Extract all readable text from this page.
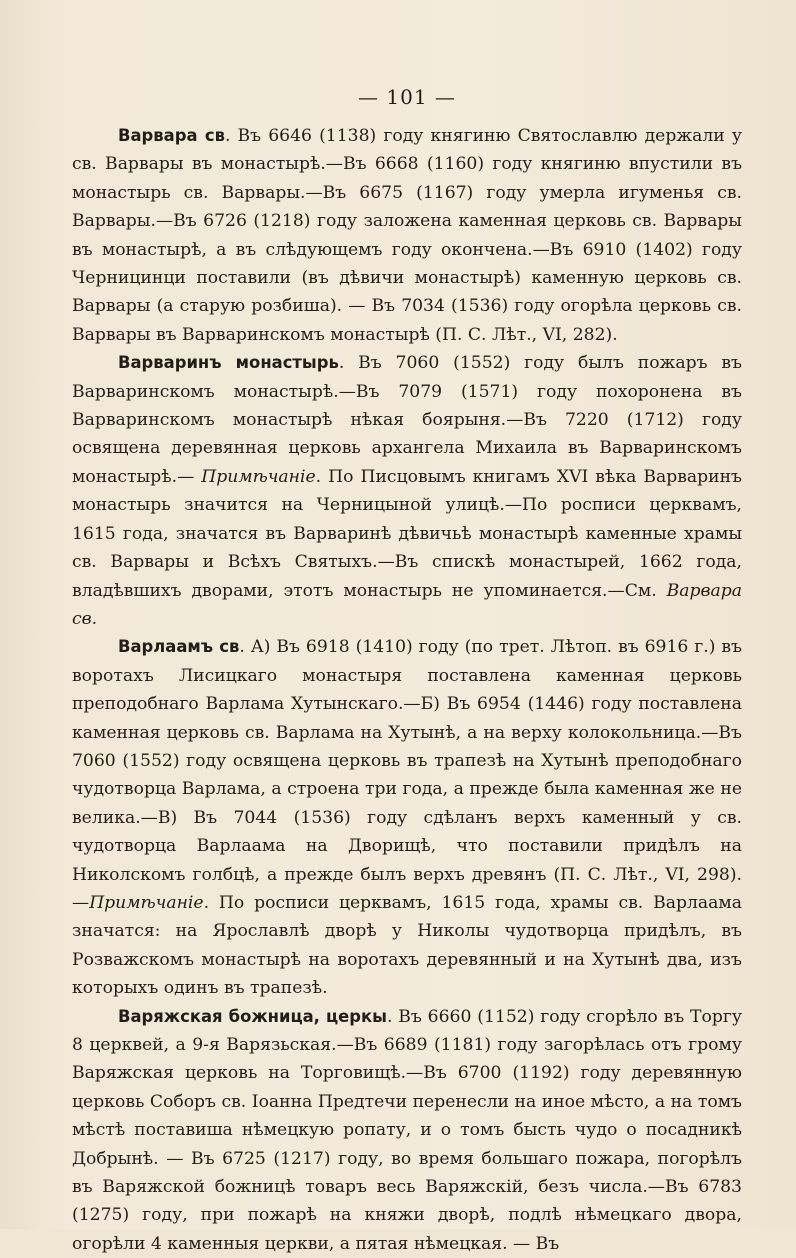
— 101 —

Варвара св. Въ 6646 (1138) году княгиню Святославлю держали у св. Варвары въ монастырѣ.—Въ 6668 (1160) году княгиню впустили въ монастырь св. Варвары.—Въ 6675 (1167) году умерла игуменья св. Варвары.—Въ 6726 (1218) году заложена каменная церковь св. Варвары въ монастырѣ, а въ слѣдующемъ году окончена.—Въ 6910 (1402) году Черницинци поставили (въ дѣвичи монастырѣ) каменную церковь св. Варвары (а старую розбиша). — Въ 7034 (1536) году огорѣла церковь св. Варвары въ Варваринскомъ монастырѣ (П. С. Лѣт., VI, 282).

Варваринъ монастырь. Въ 7060 (1552) году былъ пожаръ въ Варваринскомъ монастырѣ.—Въ 7079 (1571) году похоронена въ Варваринскомъ монастырѣ нѣкая боярыня.—Въ 7220 (1712) году освящена деревянная церковь архангела Михаила въ Варваринскомъ монастырѣ.— Примѣчаніе. По Писцовымъ книгамъ XVI вѣка Варваринъ монастырь значится на Черницыной улицѣ.—По росписи церквамъ, 1615 года, значатся въ Варваринѣ дѣвичьѣ монастырѣ каменные храмы св. Варвары и Всѣхъ Святыхъ.—Въ спискѣ монастырей, 1662 года, владѣвшихъ дворами, этотъ монастырь не упоминается.—См. Варвара св.

Варлаамъ св. А) Въ 6918 (1410) году (по трет. Лѣтоп. въ 6916 г.) въ воротахъ Лисицкаго монастыря поставлена каменная церковь преподобнаго Варлама Хутынскаго.—Б) Въ 6954 (1446) году поставлена каменная церковь св. Варлама на Хутынѣ, а на верху колокольница.—Въ 7060 (1552) году освящена церковь въ трапезѣ на Хутынѣ преподобнаго чудотворца Варлама, а строена три года, а прежде была каменная же не велика.—В) Въ 7044 (1536) году сдѣланъ верхъ каменный у св. чудотворца Варлаама на Дворищѣ, что поставили придѣлъ на Николскомъ голбцѣ, а прежде былъ верхъ древянъ (П. С. Лѣт., VI, 298).—Примѣчаніе. По росписи церквамъ, 1615 года, храмы св. Варлаама значатся: на Ярославлѣ дворѣ у Николы чудотворца придѣлъ, въ Розважскомъ монастырѣ на воротахъ деревянный и на Хутынѣ два, изъ которыхъ одинъ въ трапезѣ.

Варяжская божница, церкы. Въ 6660 (1152) году сгорѣло въ Торгу 8 церквей, а 9-я Варязьская.—Въ 6689 (1181) году загорѣлась отъ грому Варяжская церковь на Торговищѣ.—Въ 6700 (1192) году деревянную церковь Соборъ св. Іоанна Предтечи перенесли на иное мѣсто, а на томъ мѣстѣ поставиша нѣмецкую ропату, и о томъ бысть чудо о посадникѣ Добрынѣ. — Въ 6725 (1217) году, во время большаго пожара, погорѣлъ въ Варяжской божницѣ товаръ весь Варяжскій, безъ числа.—Въ 6783 (1275) году, при пожарѣ на княжи дворѣ, подлѣ нѣмецкаго двора, огорѣли 4 каменныя церкви, а пятая нѣмецкая. — Въ
